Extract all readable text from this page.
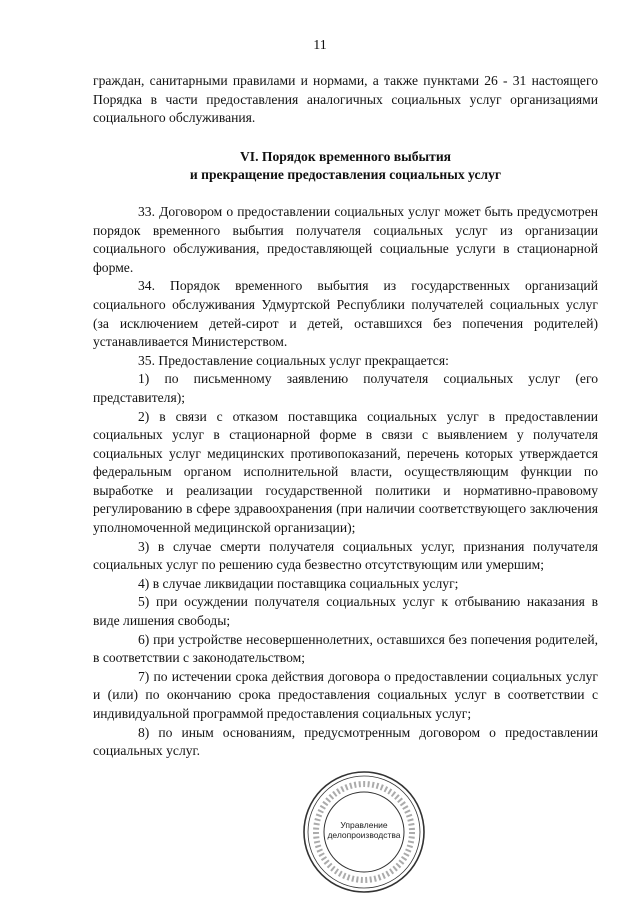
11

граждан, санитарными правилами и нормами, а также пунктами 26 - 31 настоящего Порядка в части предоставления аналогичных социальных услуг организациями социального обслуживания.

VI. Порядок временного выбытия
и прекращение предоставления социальных услуг

33. Договором о предоставлении социальных услуг может быть предусмотрен порядок временного выбытия получателя социальных услуг из организации социального обслуживания, предоставляющей социальные услуги в стационарной форме.

34. Порядок временного выбытия из государственных организаций социального обслуживания Удмуртской Республики получателей социальных услуг (за исключением детей-сирот и детей, оставшихся без попечения родителей) устанавливается Министерством.

35. Предоставление социальных услуг прекращается:

1) по письменному заявлению получателя социальных услуг (его представителя);

2) в связи с отказом поставщика социальных услуг в предоставлении социальных услуг в стационарной форме в связи с выявлением у получателя социальных услуг медицинских противопоказаний, перечень которых утверждается федеральным органом исполнительной власти, осуществляющим функции по выработке и реализации государственной политики и нормативно-правовому регулированию в сфере здравоохранения (при наличии соответствующего заключения уполномоченной медицинской организации);

3) в случае смерти получателя социальных услуг, признания получателя социальных услуг по решению суда безвестно отсутствующим или умершим;

4) в случае ликвидации поставщика социальных услуг;

5) при осуждении получателя социальных услуг к отбыванию наказания в виде лишения свободы;

6) при устройстве несовершеннолетних, оставшихся без попечения родителей, в соответствии с законодательством;

7) по истечении срока действия договора о предоставлении социальных услуг и (или) по окончанию срока предоставления социальных услуг в соответствии с индивидуальной программой предоставления социальных услуг;

8) по иным основаниям, предусмотренным договором о предоставлении социальных услуг.

Управление
делопроизводства
